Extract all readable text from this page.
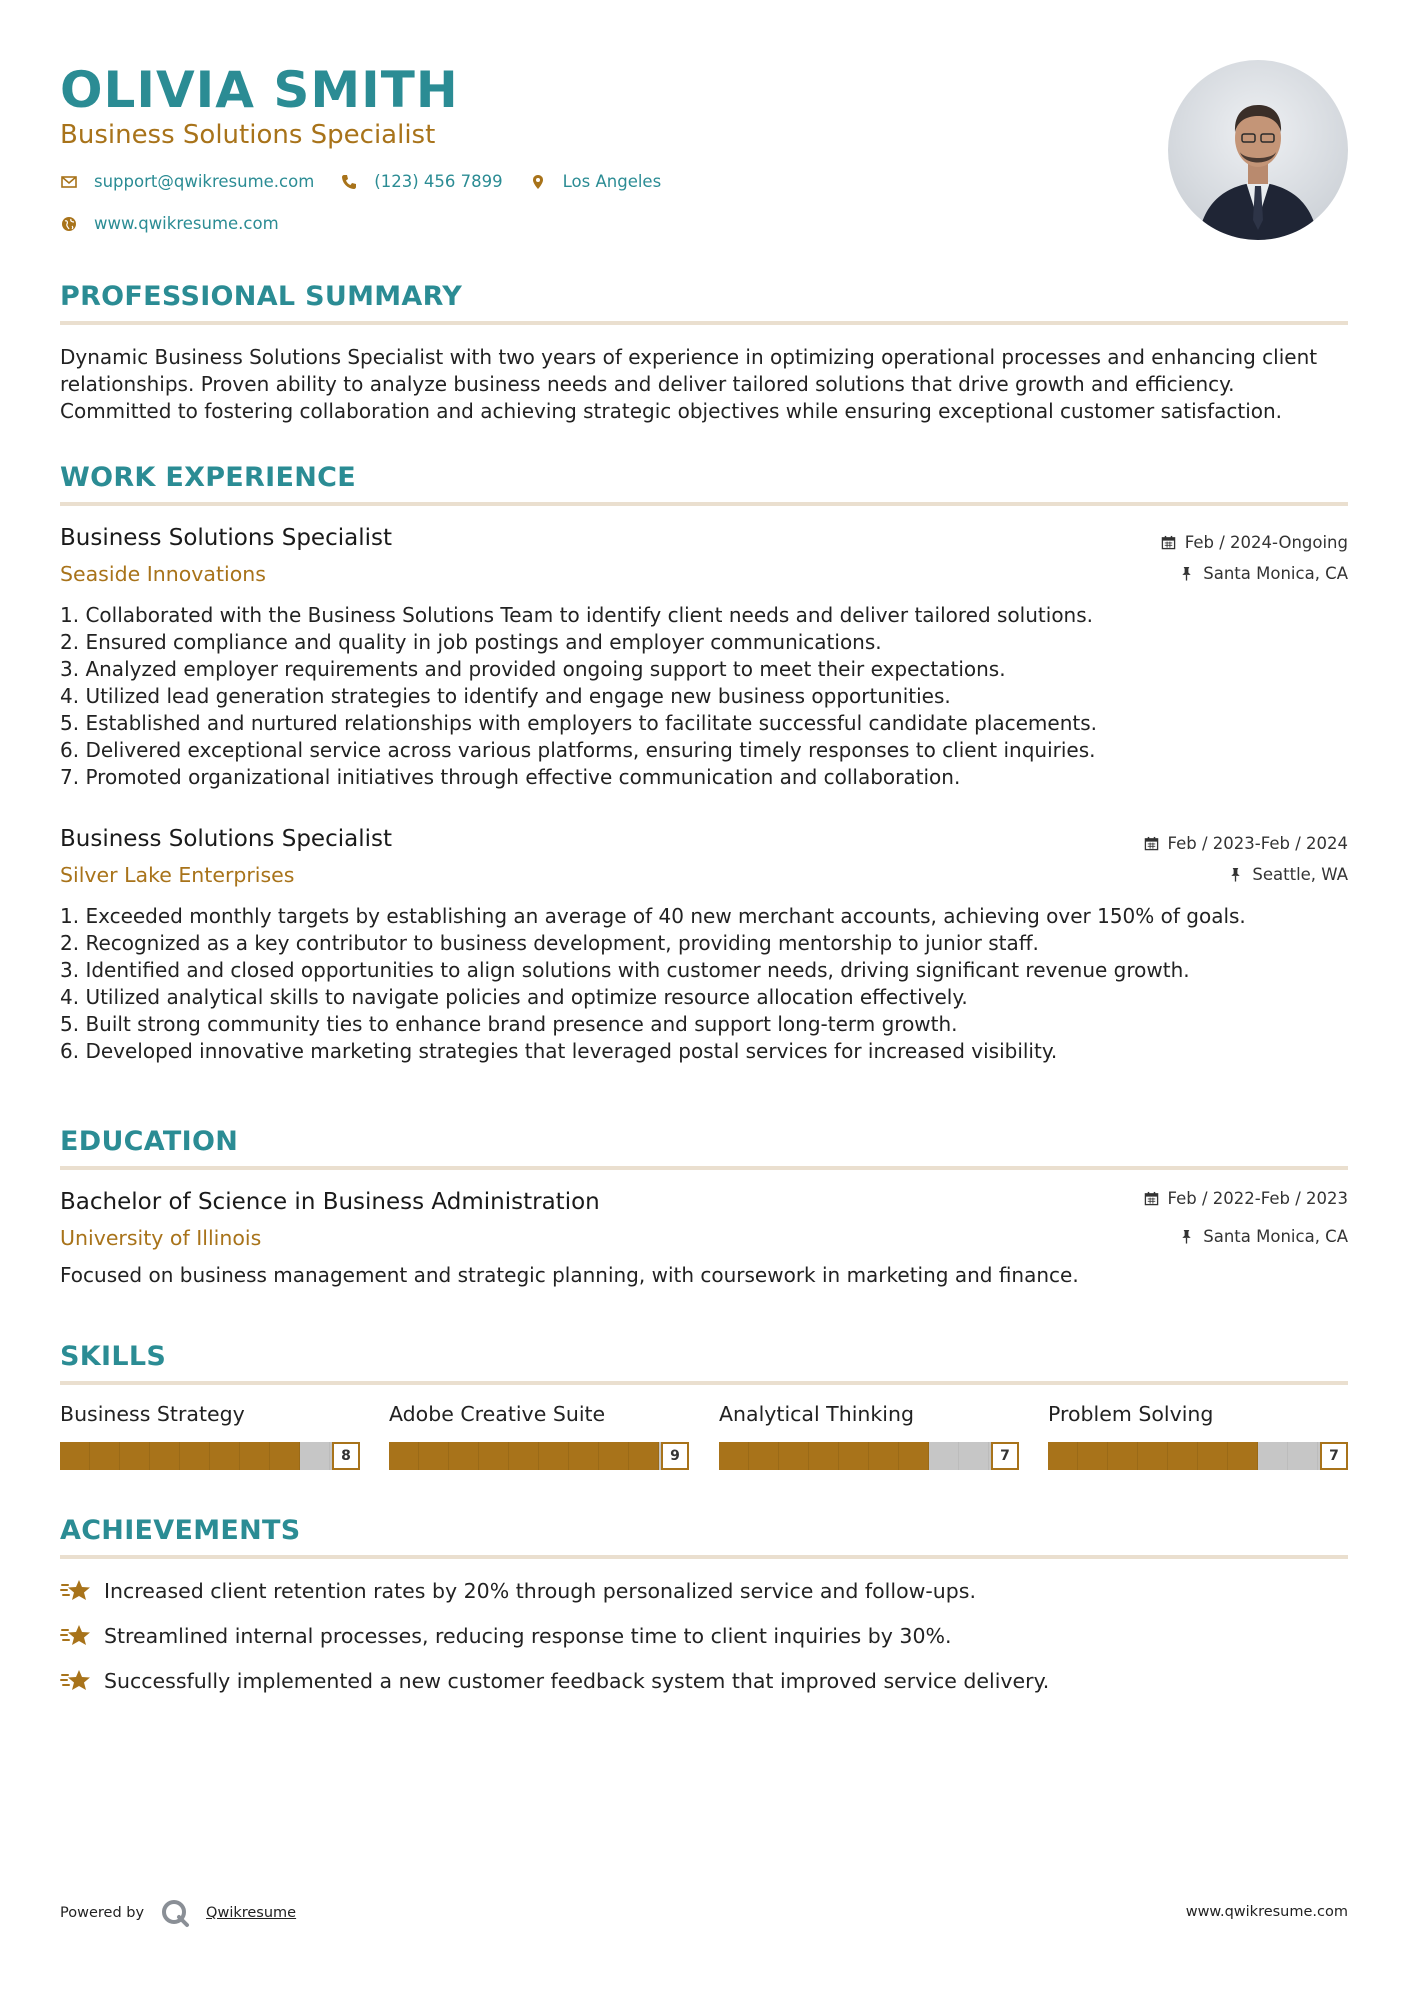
OLIVIA SMITH
Business Solutions Specialist
support@qwikresume.com	(123) 456 7899	Los Angeles
www.qwikresume.com
PROFESSIONAL SUMMARY
Dynamic Business Solutions Specialist with two years of experience in optimizing operational processes and enhancing client relationships. Proven ability to analyze business needs and deliver tailored solutions that drive growth and efficiency. Committed to fostering collaboration and achieving strategic objectives while ensuring exceptional customer satisfaction.
WORK EXPERIENCE
Business Solutions Specialist
Seaside Innovations
Feb / 2024-Ongoing
Santa Monica, CA
1.
Collaborated with the Business Solutions Team to identify client needs and deliver tailored solutions.
2.
Ensured compliance and quality in job postings and employer communications.
3.
Analyzed employer requirements and provided ongoing support to meet their expectations.
4.
Utilized lead generation strategies to identify and engage new business opportunities.
5.
Established and nurtured relationships with employers to facilitate successful candidate placements.
6.
Delivered exceptional service across various platforms, ensuring timely responses to client inquiries.
7.
Promoted organizational initiatives through effective communication and collaboration.
Business Solutions Specialist
Silver Lake Enterprises
Feb / 2023-Feb / 2024
Seattle, WA
1.
Exceeded monthly targets by establishing an average of 40 new merchant accounts, achieving over 150% of goals.
2.
Recognized as a key contributor to business development, providing mentorship to junior staff.
3.
Identified and closed opportunities to align solutions with customer needs, driving significant revenue growth.
4.
Utilized analytical skills to navigate policies and optimize resource allocation effectively.
5.
Built strong community ties to enhance brand presence and support long-term growth.
6.
Developed innovative marketing strategies that leveraged postal services for increased visibility.
EDUCATION
Bachelor of Science in Business Administration
University of Illinois
Feb / 2022-Feb / 2023
Santa Monica, CA
Focused on business management and strategic planning, with coursework in marketing and finance.
SKILLS
Business Strategy
8
Adobe Creative Suite
9
Analytical Thinking
7
Problem Solving
7
ACHIEVEMENTS
Increased client retention rates by 20% through personalized service and follow-ups.
Streamlined internal processes, reducing response time to client inquiries by 30%.
Successfully implemented a new customer feedback system that improved service delivery.
Powered by	Qwikresume	www.qwikresume.com
